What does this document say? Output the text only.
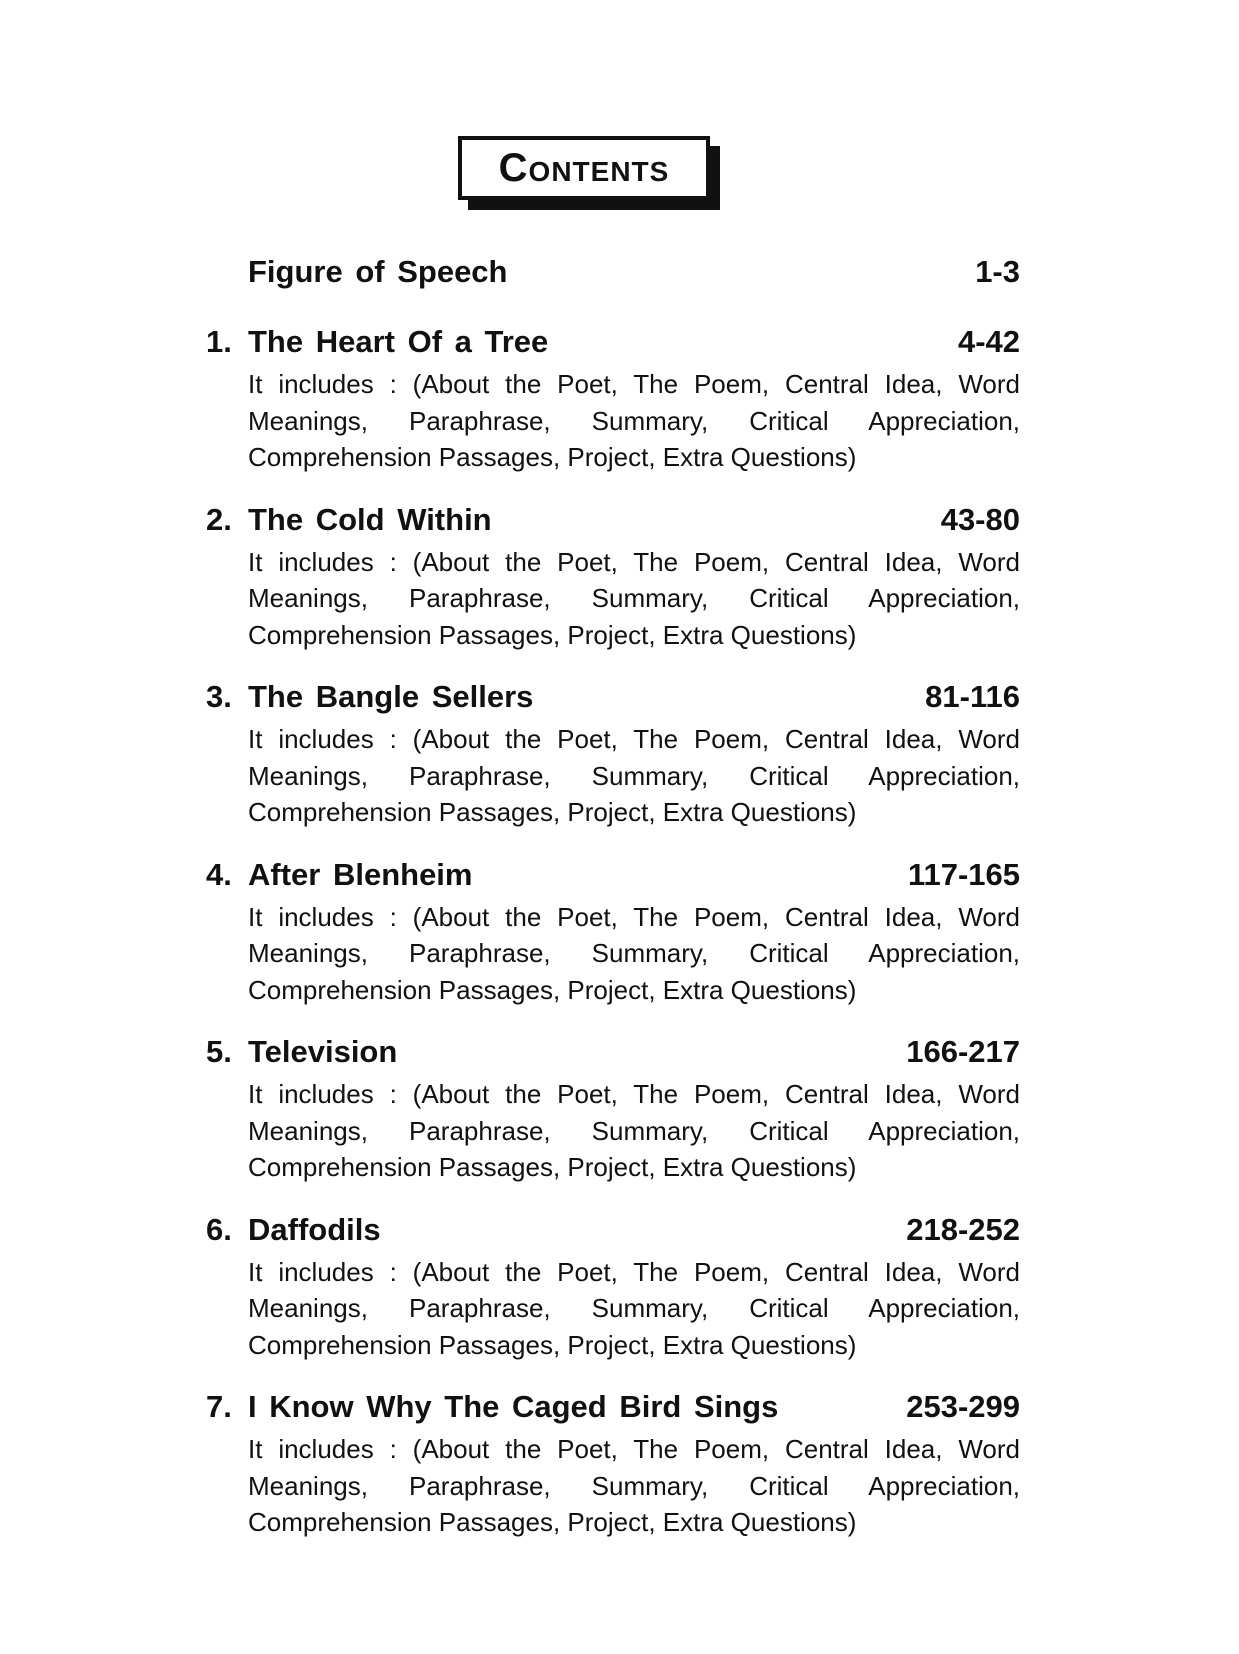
Contents
Figure of Speech	1-3
1. The Heart Of a Tree	4-42
It includes : (About the Poet, The Poem, Central Idea, Word Meanings, Paraphrase, Summary, Critical Appreciation, Comprehension Passages, Project, Extra Questions)
2. The Cold Within	43-80
It includes : (About the Poet, The Poem, Central Idea, Word Meanings, Paraphrase, Summary, Critical Appreciation, Comprehension Passages, Project, Extra Questions)
3. The Bangle Sellers	81-116
It includes : (About the Poet, The Poem, Central Idea, Word Meanings, Paraphrase, Summary, Critical Appreciation, Comprehension Passages, Project, Extra Questions)
4. After Blenheim	117-165
It includes : (About the Poet, The Poem, Central Idea, Word Meanings, Paraphrase, Summary, Critical Appreciation, Comprehension Passages, Project, Extra Questions)
5. Television	166-217
It includes : (About the Poet, The Poem, Central Idea, Word Meanings, Paraphrase, Summary, Critical Appreciation, Comprehension Passages, Project, Extra Questions)
6. Daffodils	218-252
It includes : (About the Poet, The Poem, Central Idea, Word Meanings, Paraphrase, Summary, Critical Appreciation, Comprehension Passages, Project, Extra Questions)
7. I Know Why The Caged Bird Sings	253-299
It includes : (About the Poet, The Poem, Central Idea, Word Meanings, Paraphrase, Summary, Critical Appreciation, Comprehension Passages, Project, Extra Questions)
